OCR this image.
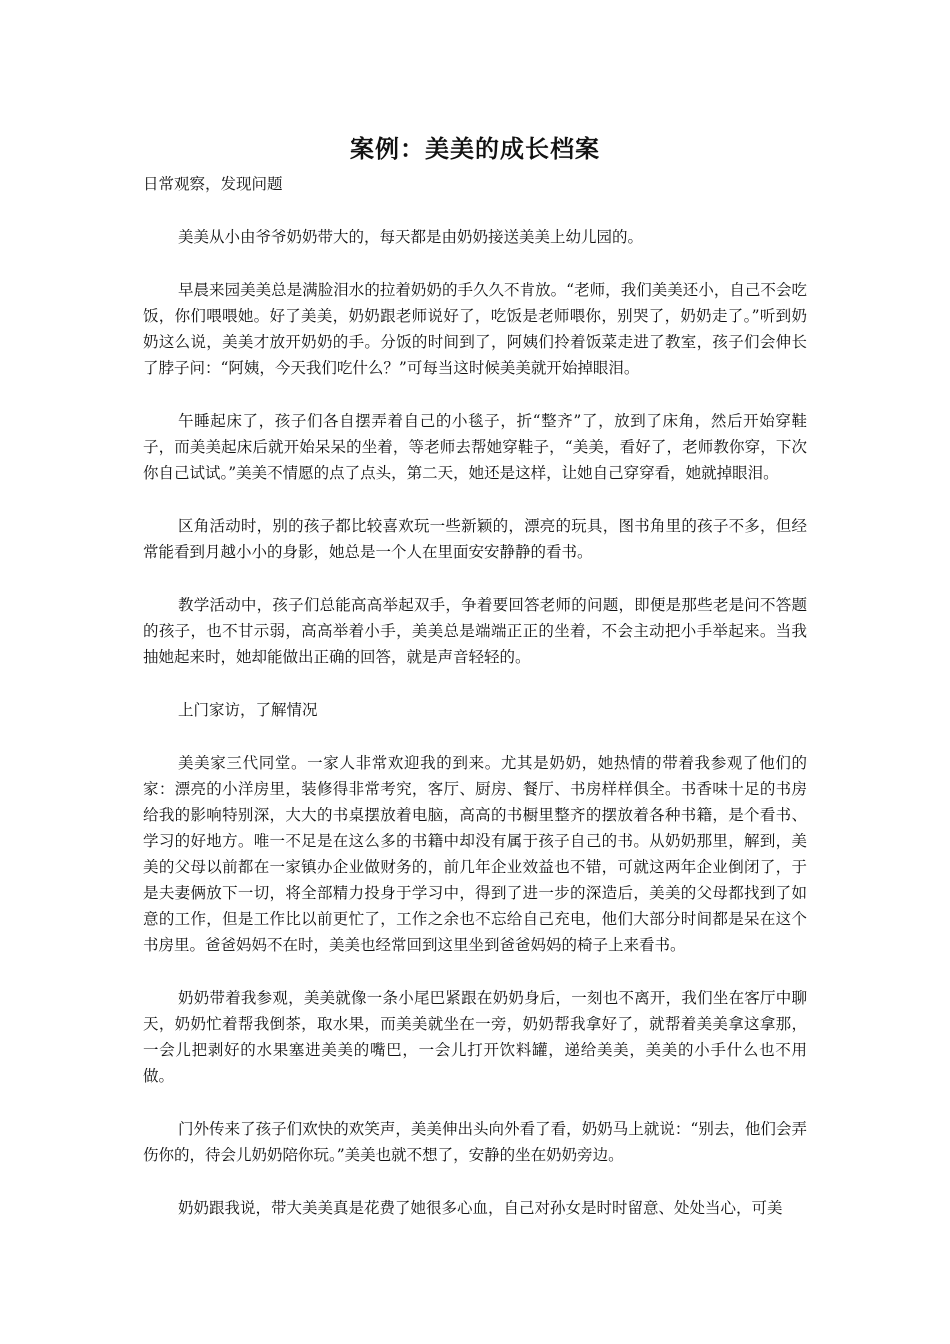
案例：美美的成长档案
日常观察，发现问题

美美从小由爷爷奶奶带大的，每天都是由奶奶接送美美上幼儿园的。

早晨来园美美总是满脸泪水的拉着奶奶的手久久不肯放。“老师，我们美美还小，自己不会吃饭，你们喂喂她。好了美美，奶奶跟老师说好了，吃饭是老师喂你，别哭了，奶奶走了。”听到奶奶这么说，美美才放开奶奶的手。分饭的时间到了，阿姨们拎着饭菜走进了教室，孩子们会伸长了脖子问：“阿姨，今天我们吃什么？”可每当这时候美美就开始掉眼泪。

午睡起床了，孩子们各自摆弄着自己的小毯子，折“整齐”了，放到了床角，然后开始穿鞋子，而美美起床后就开始呆呆的坐着，等老师去帮她穿鞋子，“美美，看好了，老师教你穿，下次你自己试试。”美美不情愿的点了点头，第二天，她还是这样，让她自己穿穿看，她就掉眼泪。

区角活动时，别的孩子都比较喜欢玩一些新颖的，漂亮的玩具，图书角里的孩子不多，但经常能看到月越小小的身影，她总是一个人在里面安安静静的看书。

教学活动中，孩子们总能高高举起双手，争着要回答老师的问题，即便是那些老是问不答题的孩子，也不甘示弱，高高举着小手，美美总是端端正正的坐着，不会主动把小手举起来。当我抽她起来时，她却能做出正确的回答，就是声音轻轻的。

上门家访，了解情况

美美家三代同堂。一家人非常欢迎我的到来。尤其是奶奶，她热情的带着我参观了他们的家：漂亮的小洋房里，装修得非常考究，客厅、厨房、餐厅、书房样样俱全。书香味十足的书房给我的影响特别深，大大的书桌摆放着电脑，高高的书橱里整齐的摆放着各种书籍，是个看书、学习的好地方。唯一不足是在这么多的书籍中却没有属于孩子自己的书。从奶奶那里，解到，美美的父母以前都在一家镇办企业做财务的，前几年企业效益也不错，可就这两年企业倒闭了，于是夫妻俩放下一切，将全部精力投身于学习中，得到了进一步的深造后，美美的父母都找到了如意的工作，但是工作比以前更忙了，工作之余也不忘给自己充电，他们大部分时间都是呆在这个书房里。爸爸妈妈不在时，美美也经常回到这里坐到爸爸妈妈的椅子上来看书。

奶奶带着我参观，美美就像一条小尾巴紧跟在奶奶身后，一刻也不离开，我们坐在客厅中聊天，奶奶忙着帮我倒茶，取水果，而美美就坐在一旁，奶奶帮我拿好了，就帮着美美拿这拿那，一会儿把剥好的水果塞进美美的嘴巴，一会儿打开饮料罐，递给美美，美美的小手什么也不用做。

门外传来了孩子们欢快的欢笑声，美美伸出头向外看了看，奶奶马上就说：“别去，他们会弄伤你的，待会儿奶奶陪你玩。”美美也就不想了，安静的坐在奶奶旁边。

奶奶跟我说，带大美美真是花费了她很多心血，自己对孙女是时时留意、处处当心，可美
